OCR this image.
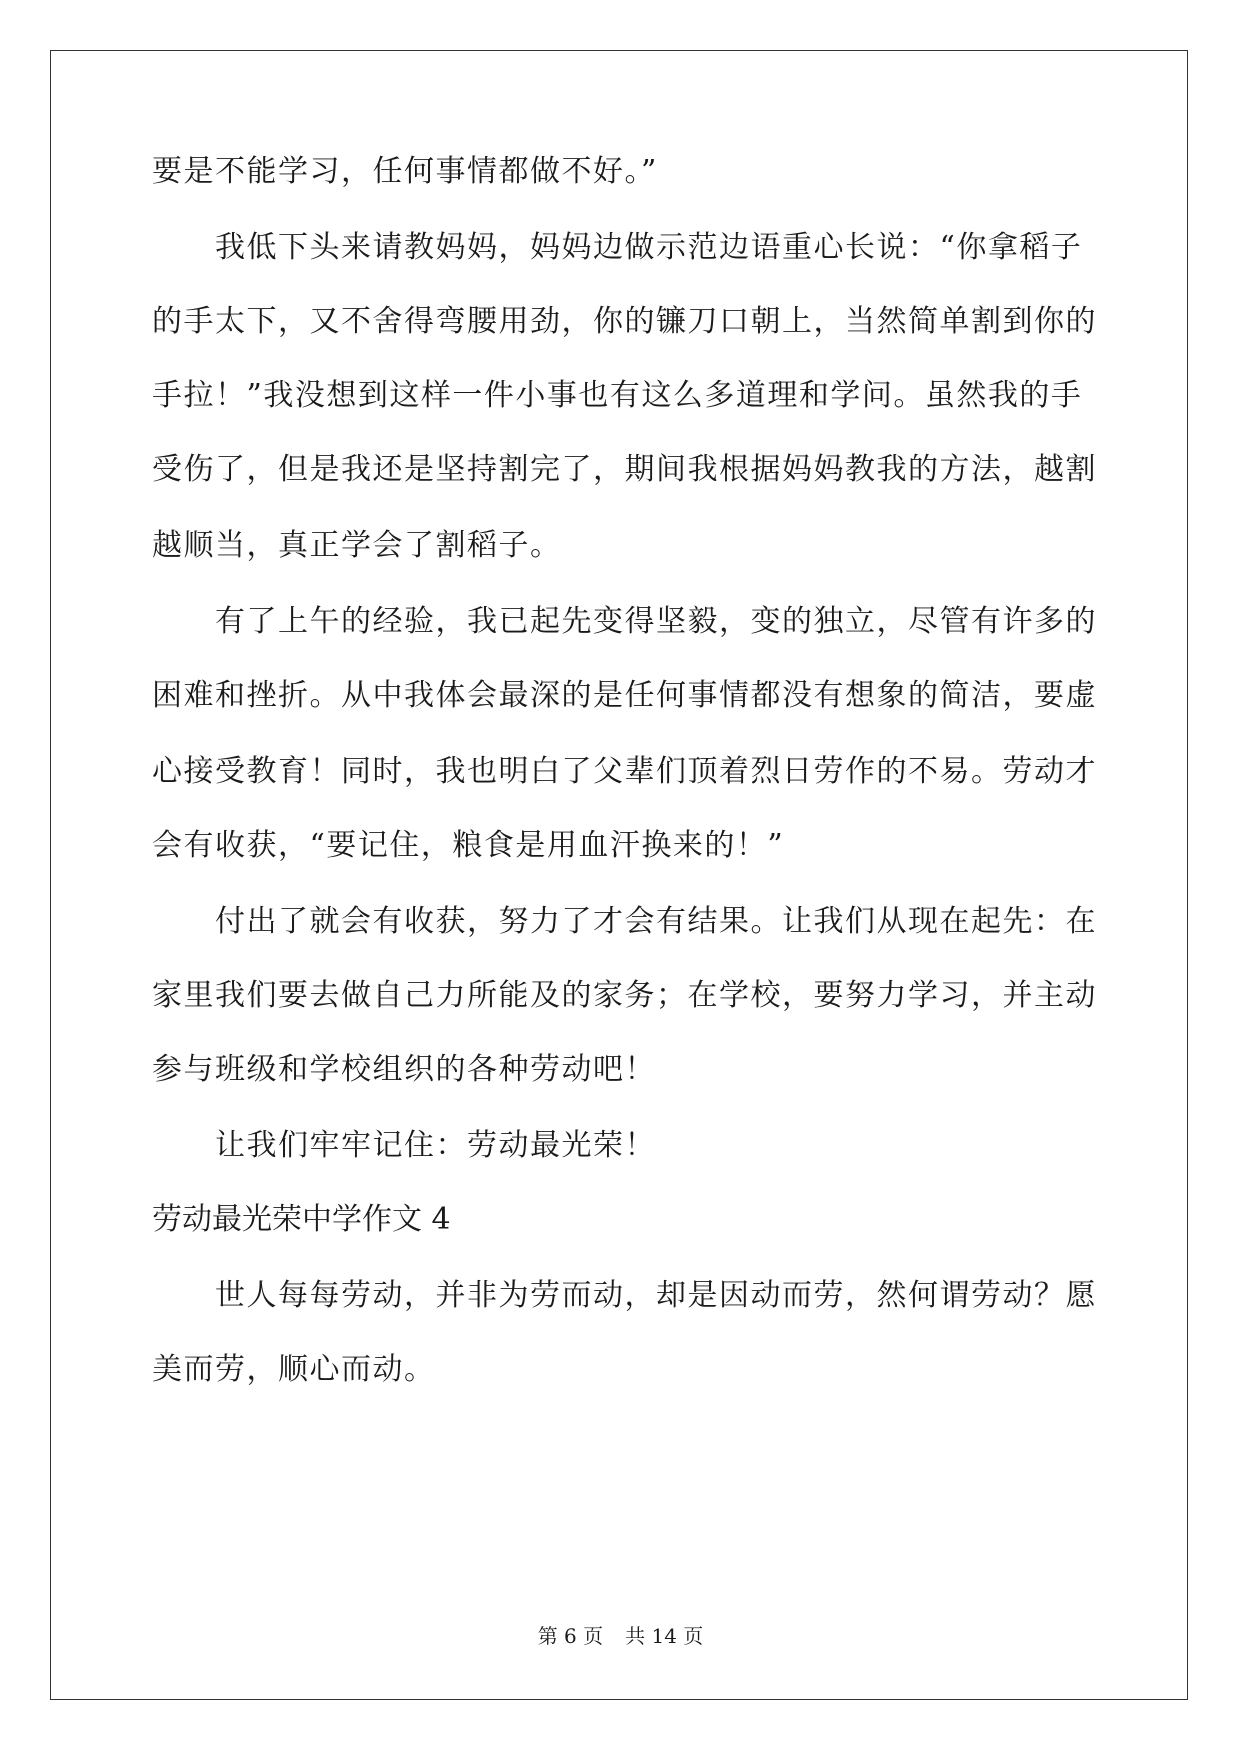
要是不能学习，任何事情都做不好。”
我低下头来请教妈妈，妈妈边做示范边语重心长说：“你拿稻子
的手太下，又不舍得弯腰用劲，你的镰刀口朝上，当然简单割到你的
手拉！”我没想到这样一件小事也有这么多道理和学问。虽然我的手
受伤了，但是我还是坚持割完了，期间我根据妈妈教我的方法，越割
越顺当，真正学会了割稻子。
有了上午的经验，我已起先变得坚毅，变的独立，尽管有许多的
困难和挫折。从中我体会最深的是任何事情都没有想象的简洁，要虚
心接受教育！同时，我也明白了父辈们顶着烈日劳作的不易。劳动才
会有收获，“要记住，粮食是用血汗换来的！”
付出了就会有收获，努力了才会有结果。让我们从现在起先：在
家里我们要去做自己力所能及的家务；在学校，要努力学习，并主动
参与班级和学校组织的各种劳动吧！
让我们牢牢记住：劳动最光荣！
劳动最光荣中学作文 4
世人每每劳动，并非为劳而动，却是因动而劳，然何谓劳动？愿
美而劳，顺心而动。
第 6 页 共 14 页
